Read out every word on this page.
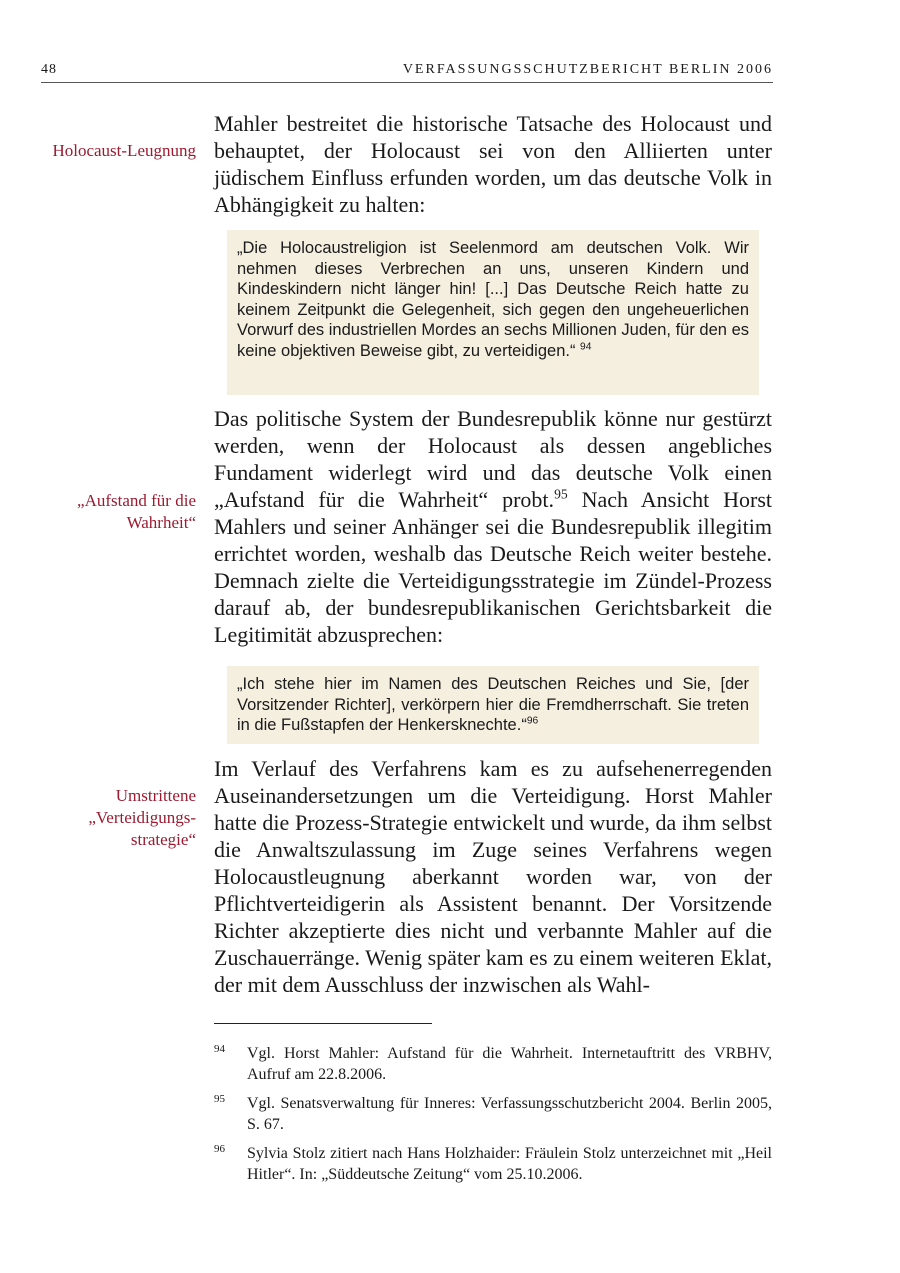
48	VERFASSUNGSSCHUTZBERICHT BERLIN 2006
Holocaust-Leugnung

Mahler bestreitet die historische Tatsache des Holocaust und behauptet, der Holocaust sei von den Alliierten unter jüdischem Einfluss erfunden worden, um das deutsche Volk in Abhängigkeit zu halten:

„Die Holocaustreligion ist Seelenmord am deutschen Volk. Wir nehmen dieses Verbrechen an uns, unseren Kindern und Kindeskindern nicht länger hin! [...] Das Deutsche Reich hatte zu keinem Zeitpunkt die Gelegenheit, sich gegen den ungeheuerlichen Vorwurf des industriellen Mordes an sechs Millionen Juden, für den es keine objektiven Beweise gibt, zu verteidigen.“ $^{94}$
„Aufstand für die
Wahrheit“

Das politische System der Bundesrepublik könne nur gestürzt werden, wenn der Holocaust als dessen angebliches Fundament widerlegt wird und das deutsche Volk einen „Aufstand für die Wahrheit“ probt.$^{95}$ Nach Ansicht Horst Mahlers und seiner Anhänger sei die Bundesrepublik illegitim errichtet worden, weshalb das Deutsche Reich weiter bestehe. Demnach zielte die Verteidigungsstrategie im Zündel-Prozess darauf ab, der bundesrepublikanischen Gerichtsbarkeit die Legitimität abzusprechen:

„Ich stehe hier im Namen des Deutschen Reiches und Sie, [der Vorsitzender Richter], verkörpern hier die Fremdherrschaft. Sie treten in die Fußstapfen der Henkersknechte.“$^{96}$
Umstrittene
„Verteidigungs-
strategie“

Im Verlauf des Verfahrens kam es zu aufsehenerregenden Auseinandersetzungen um die Verteidigung. Horst Mahler hatte die Prozess-Strategie entwickelt und wurde, da ihm selbst die Anwaltszulassung im Zuge seines Verfahrens wegen Holocaustleugnung aberkannt worden war, von der Pflichtverteidigerin als Assistent benannt. Der Vorsitzende Richter akzeptierte dies nicht und verbannte Mahler auf die Zuschauerränge. Wenig später kam es zu einem weiteren Eklat, der mit dem Ausschluss der inzwischen als Wahl-

94 Vgl. Horst Mahler: Aufstand für die Wahrheit. Internetauftritt des VRBHV, Aufruf am 22.8.2006.
95 Vgl. Senatsverwaltung für Inneres: Verfassungsschutzbericht 2004. Berlin 2005, S. 67.
96 Sylvia Stolz zitiert nach Hans Holzhaider: Fräulein Stolz unterzeichnet mit „Heil Hitler“. In: „Süddeutsche Zeitung“ vom 25.10.2006.
